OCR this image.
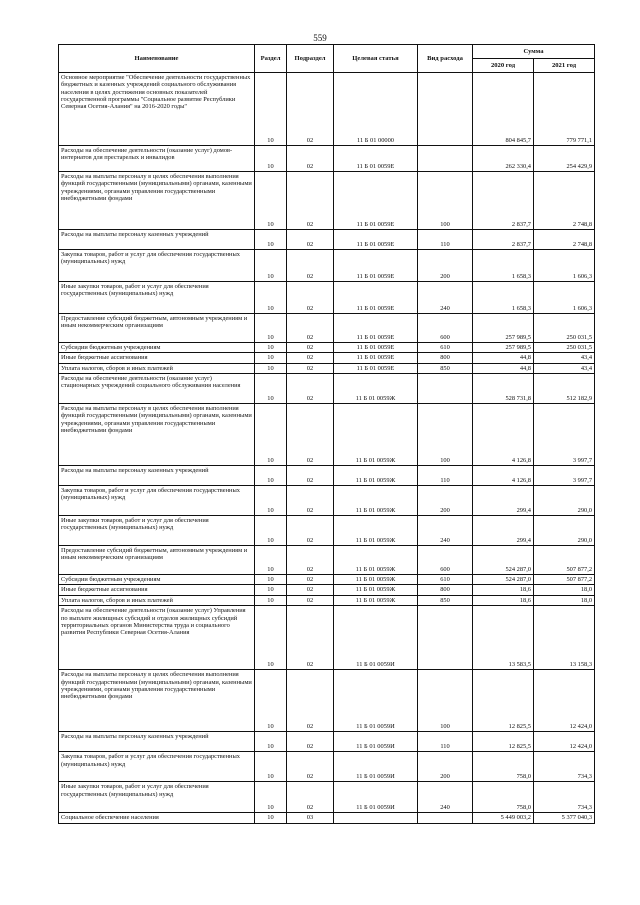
559
Наименование	Раздел	Подраздел	Целевая статья	Вид расхода	Сумма	
					2020 год	2021 год
Основное мероприятие "Обеспечение деятельности государственных бюджетных и казенных учреждений социального обслуживания населения в целях достижения основных показателей государственной программы "Социальное развитие Республики Северная Осетия-Алания" на 2016-2020 годы"	10	02	11 Б 01 00000		804 845,7	779 771,1
Расходы на обеспечение деятельности (оказание услуг) домов-интернатов для престарелых и инвалидов	10	02	11 Б 01 0059Е		262 330,4	254 429,9
Расходы на выплаты персоналу в целях обеспечения выполнения функций государственными (муниципальными) органами, казенными учреждениями, органами управления государственными внебюджетными фондами	10	02	11 Б 01 0059Е	100	2 837,7	2 748,8
Расходы на выплаты персоналу казенных учреждений	10	02	11 Б 01 0059Е	110	2 837,7	2 748,8
Закупка товаров, работ и услуг для обеспечения государственных (муниципальных) нужд	10	02	11 Б 01 0059Е	200	1 658,3	1 606,3
Иные закупки товаров, работ и услуг для обеспечения государственных (муниципальных) нужд	10	02	11 Б 01 0059Е	240	1 658,3	1 606,3
Предоставление субсидий бюджетным, автономным учреждениям и иным некоммерческим организациям	10	02	11 Б 01 0059Е	600	257 989,5	250 031,5
Субсидии бюджетным учреждениям	10	02	11 Б 01 0059Е	610	257 989,5	250 031,5
Иные бюджетные ассигнования	10	02	11 Б 01 0059Е	800	44,8	43,4
Уплата налогов, сборов и иных платежей	10	02	11 Б 01 0059Е	850	44,8	43,4
Расходы на обеспечение деятельности (оказание услуг) стационарных учреждений социального обслуживания населения	10	02	11 Б 01 0059Ж		528 731,8	512 182,9
Расходы на выплаты персоналу в целях обеспечения выполнения функций государственными (муниципальными) органами, казенными учреждениями, органами управления государственными внебюджетными фондами	10	02	11 Б 01 0059Ж	100	4 126,8	3 997,7
Расходы на выплаты персоналу казенных учреждений	10	02	11 Б 01 0059Ж	110	4 126,8	3 997,7
Закупка товаров, работ и услуг для обеспечения государственных (муниципальных) нужд	10	02	11 Б 01 0059Ж	200	299,4	290,0
Иные закупки товаров, работ и услуг для обеспечения государственных (муниципальных) нужд	10	02	11 Б 01 0059Ж	240	299,4	290,0
Предоставление субсидий бюджетным, автономным учреждениям и иным некоммерческим организациям	10	02	11 Б 01 0059Ж	600	524 287,0	507 877,2
Субсидии бюджетным учреждениям	10	02	11 Б 01 0059Ж	610	524 287,0	507 877,2
Иные бюджетные ассигнования	10	02	11 Б 01 0059Ж	800	18,6	18,0
Уплата налогов, сборов и иных платежей	10	02	11 Б 01 0059Ж	850	18,6	18,0
Расходы на обеспечение деятельности (оказание услуг) Управления по выплате жилищных субсидий и отделов жилищных субсидий территориальных органов Министерства труда и социального развития Республики Северная Осетия-Алания	10	02	11 Б 01 0059И		13 583,5	13 158,3
Расходы на выплаты персоналу в целях обеспечения выполнения функций государственными (муниципальными) органами, казенными учреждениями, органами управления государственными внебюджетными фондами	10	02	11 Б 01 0059И	100	12 825,5	12 424,0
Расходы на выплаты персоналу казенных учреждений	10	02	11 Б 01 0059И	110	12 825,5	12 424,0
Закупка товаров, работ и услуг для обеспечения государственных (муниципальных) нужд	10	02	11 Б 01 0059И	200	758,0	734,3
Иные закупки товаров, работ и услуг для обеспечения государственных (муниципальных) нужд	10	02	11 Б 01 0059И	240	758,0	734,3
Социальное обеспечение населения	10	03			5 449 003,2	5 377 040,3
